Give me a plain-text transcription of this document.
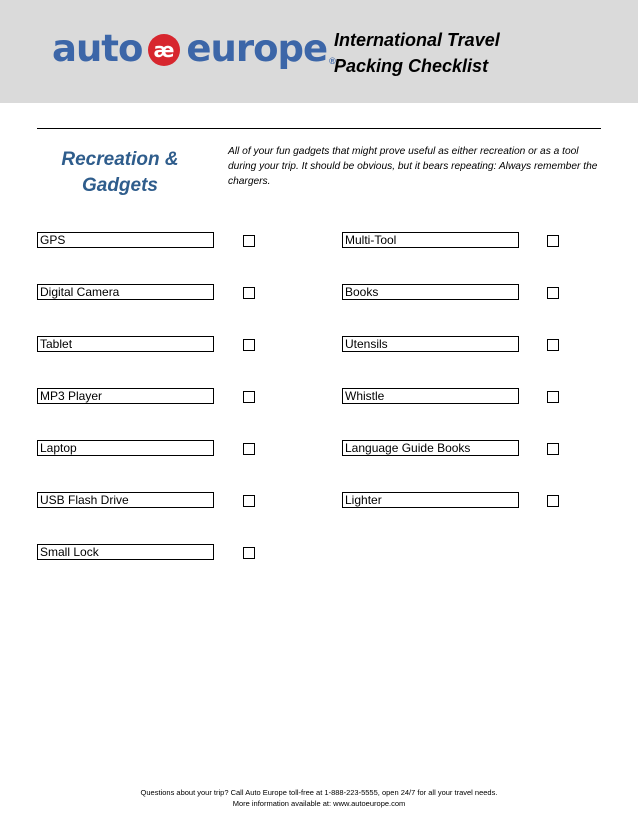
auto æ europe ®
International Travel
Packing Checklist
Recreation &
Gadgets
All of your fun gadgets that might prove useful as either recreation or as a tool during your trip. It should be obvious, but it bears repeating: Always remember the chargers.
GPS
Digital Camera
Tablet
MP3 Player
Laptop
USB Flash Drive
Small Lock
Multi-Tool
Books
Utensils
Whistle
Language Guide Books
Lighter
Questions about your trip? Call Auto Europe toll-free at 1-888-223-5555, open 24/7 for all your travel needs.
More information available at: www.autoeurope.com
